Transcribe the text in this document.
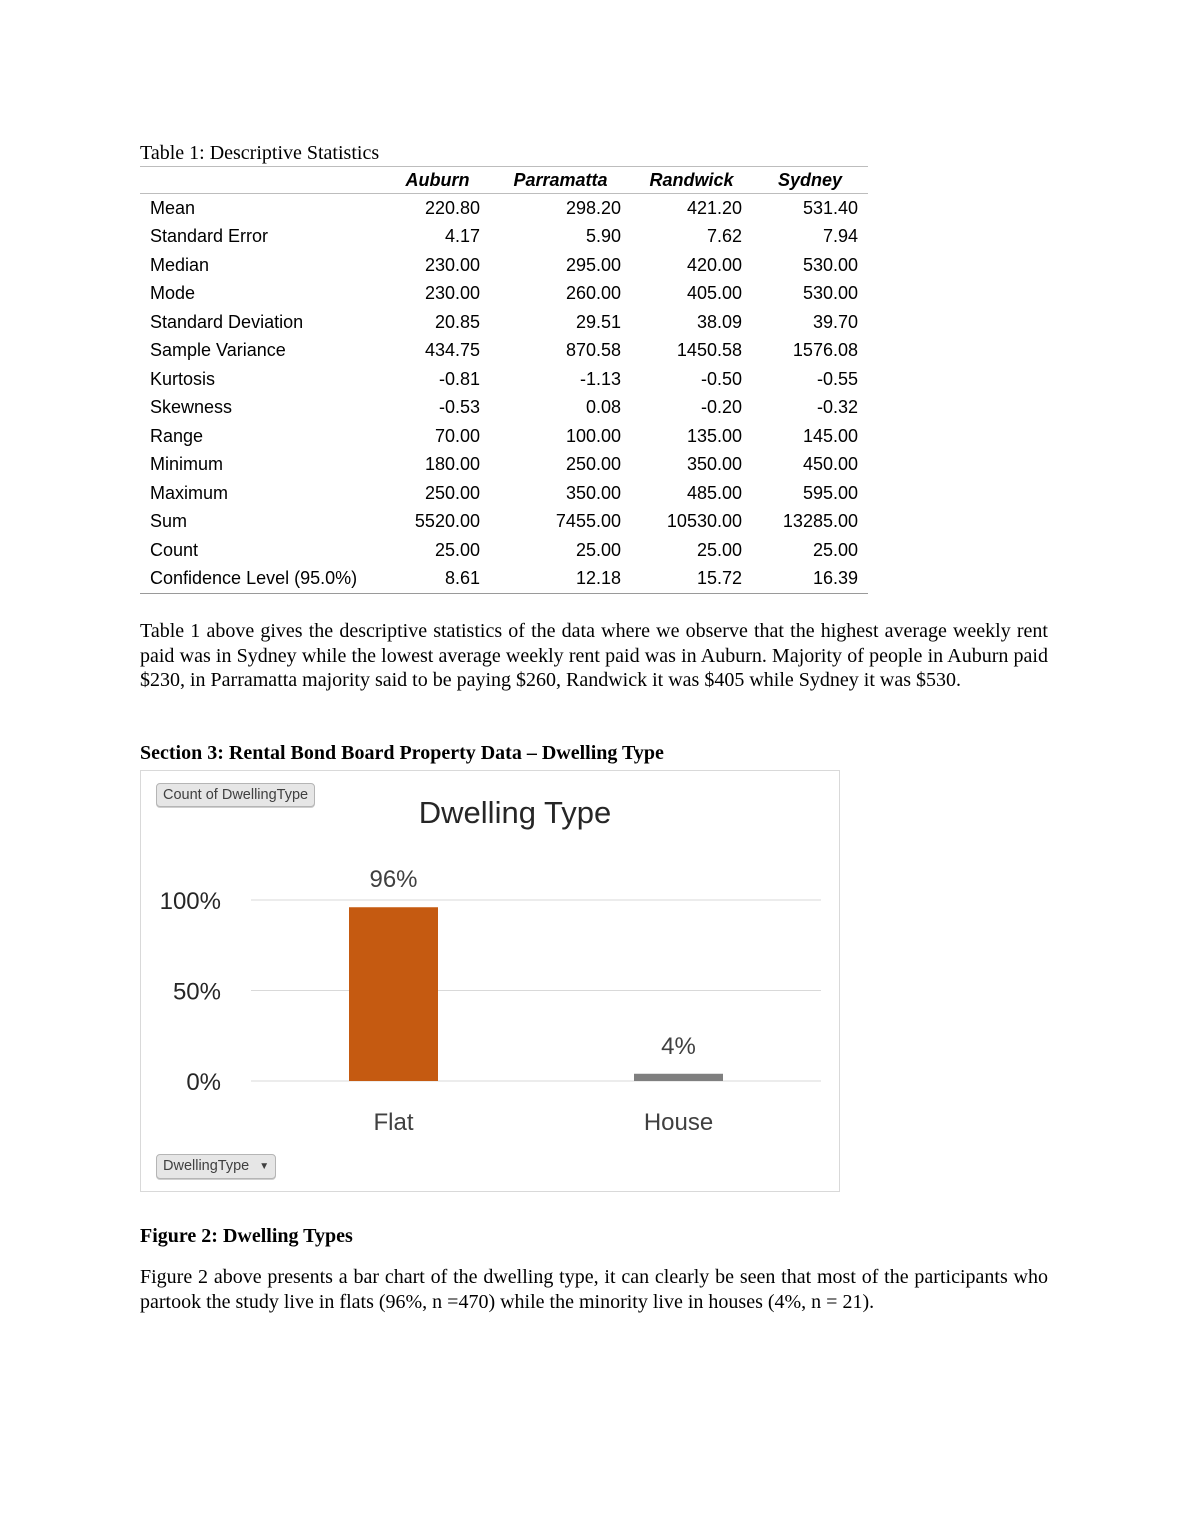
Table 1: Descriptive Statistics
	Auburn	Parramatta	Randwick	Sydney
Mean	220.80	298.20	421.20	531.40
Standard Error	4.17	5.90	7.62	7.94
Median	230.00	295.00	420.00	530.00
Mode	230.00	260.00	405.00	530.00
Standard Deviation	20.85	29.51	38.09	39.70
Sample Variance	434.75	870.58	1450.58	1576.08
Kurtosis	-0.81	-1.13	-0.50	-0.55
Skewness	-0.53	0.08	-0.20	-0.32
Range	70.00	100.00	135.00	145.00
Minimum	180.00	250.00	350.00	450.00
Maximum	250.00	350.00	485.00	595.00
Sum	5520.00	7455.00	10530.00	13285.00
Count	25.00	25.00	25.00	25.00
Confidence Level (95.0%)	8.61	12.18	15.72	16.39

Table 1 above gives the descriptive statistics of the data where we observe that the highest average weekly rent paid was in Sydney while the lowest average weekly rent paid was in Auburn. Majority of people in Auburn paid $230, in Parramatta majority said to be paying $260, Randwick it was $405 while Sydney it was $530.

Section 3: Rental Bond Board Property Data – Dwelling Type
Dwelling Type
0%
50%
100%
96%
Flat
4%
House
Count of DwellingType
DwellingType ▼
Figure 2: Dwelling Types

Figure 2 above presents a bar chart of the dwelling type, it can clearly be seen that most of the participants who partook the study live in flats (96%, n =470) while the minority live in houses (4%, n = 21).
